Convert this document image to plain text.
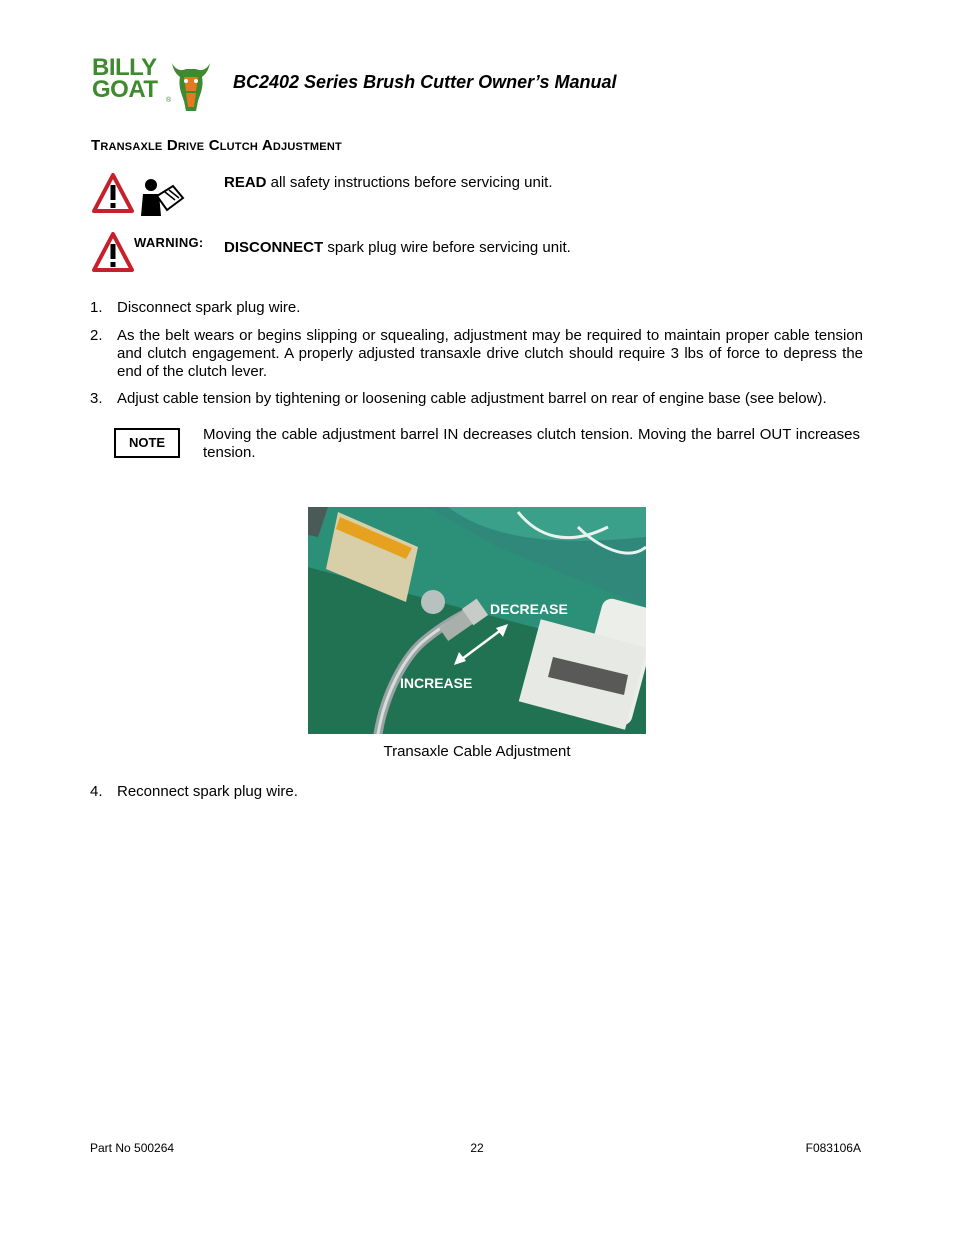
BILLY
GOAT	®
BC2402 Series Brush Cutter Owner’s Manual
Transaxle Drive Clutch Adjustment
READ all safety instructions before servicing unit.
WARNING: DISCONNECT spark plug wire before servicing unit.
1. Disconnect spark plug wire.
2. As the belt wears or begins slipping or squealing, adjustment may be required to maintain proper cable tension and clutch engagement. A properly adjusted transaxle drive clutch should require 3 lbs of force to depress the end of the clutch lever.
3. Adjust cable tension by tightening or loosening cable adjustment barrel on rear of engine base (see below).
NOTE	Moving the cable adjustment barrel IN decreases clutch tension. Moving the barrel OUT increases tension.
DECREASE
INCREASE
Transaxle Cable Adjustment
4. Reconnect spark plug wire.
Part No 500264	22	F083106A
